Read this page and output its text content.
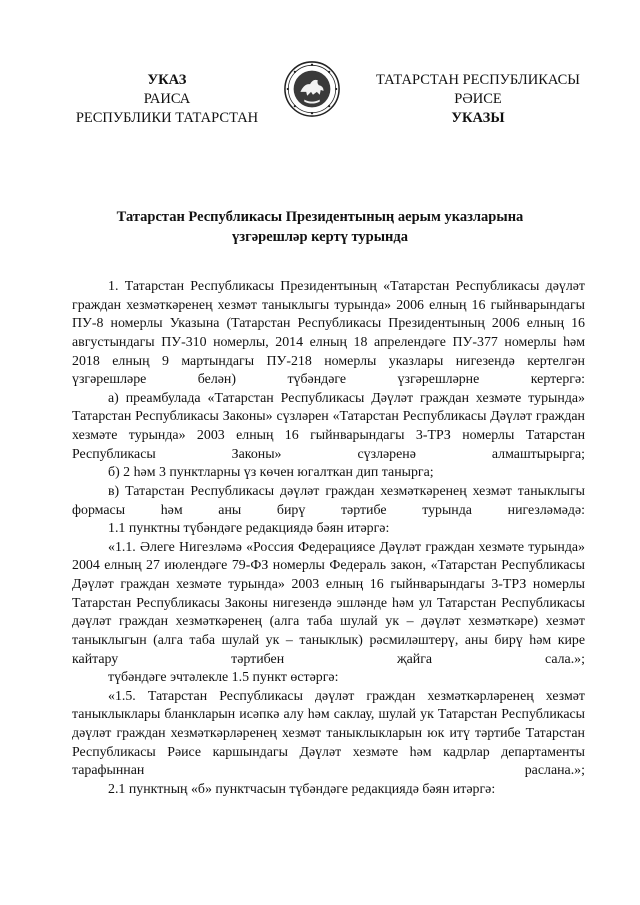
УКАЗ
РАИСА
РЕСПУБЛИКИ ТАТАРСТАН
ТАТАРСТАН РЕСПУБЛИКАСЫ
РӘИСЕ
УКАЗЫ
Татарстан Республикасы Президентының аерым указларына
үзгәрешләр кертү турында

1. Татарстан Республикасы Президентының «Татарстан Республикасы дәүләт граждан хезмәткәренең хезмәт таныклыгы турында» 2006 елның 16 гыйнварындагы ПУ-8 номерлы Указына (Татарстан Республикасы Президентының 2006 елның 16 августындагы ПУ-310 номерлы, 2014 елның 18 апрелендәге ПУ-377 номерлы һәм 2018 елның 9 мартындагы ПУ-218 номерлы указлары нигезендә кертелгән үзгәрешләре белән) түбәндәге үзгәрешләрне кертергә:

а) преамбулада «Татарстан Республикасы Дәүләт граждан хезмәте турында» Татарстан Республикасы Законы» сүзләрен «Татарстан Республикасы Дәүләт граждан хезмәте турында» 2003 елның 16 гыйнварындагы 3-ТРЗ номерлы Татарстан Республикасы Законы» сүзләренә алмаштырырга;

б) 2 һәм 3 пунктларны үз көчен югалткан дип танырга;

в) Татарстан Республикасы дәүләт граждан хезмәткәренең хезмәт таныклыгы формасы һәм аны бирү тәртибе турында нигезләмәдә:

1.1 пунктны түбәндәге редакциядә бәян итәргә:

«1.1. Әлеге Нигезләмә «Россия Федерациясе Дәүләт граждан хезмәте турында» 2004 елның 27 июлендәге 79-ФЗ номерлы Федераль закон, «Татарстан Республикасы Дәүләт граждан хезмәте турында» 2003 елның 16 гыйнварындагы 3-ТРЗ номерлы Татарстан Республикасы Законы нигезендә эшләнде һәм ул Татарстан Республикасы дәүләт граждан хезмәткәренең (алга таба шулай ук – дәүләт хезмәткәре) хезмәт таныклыгын (алга таба шулай ук – таныклык) рәсмиләштерү, аны бирү һәм кире кайтару тәртибен җайга сала.»;

түбәндәге эчтәлекле 1.5 пункт өстәргә:

«1.5. Татарстан Республикасы дәүләт граждан хезмәткәрләренең хезмәт таныклыклары бланкларын исәпкә алу һәм саклау, шулай ук Татарстан Республикасы дәүләт граждан хезмәткәрләренең хезмәт таныклыкларын юк итү тәртибе Татарстан Республикасы Рәисе каршындагы Дәүләт хезмәте һәм кадрлар департаменты тарафыннан раслана.»;

2.1 пунктның «б» пунктчасын түбәндәге редакциядә бәян итәргә:
